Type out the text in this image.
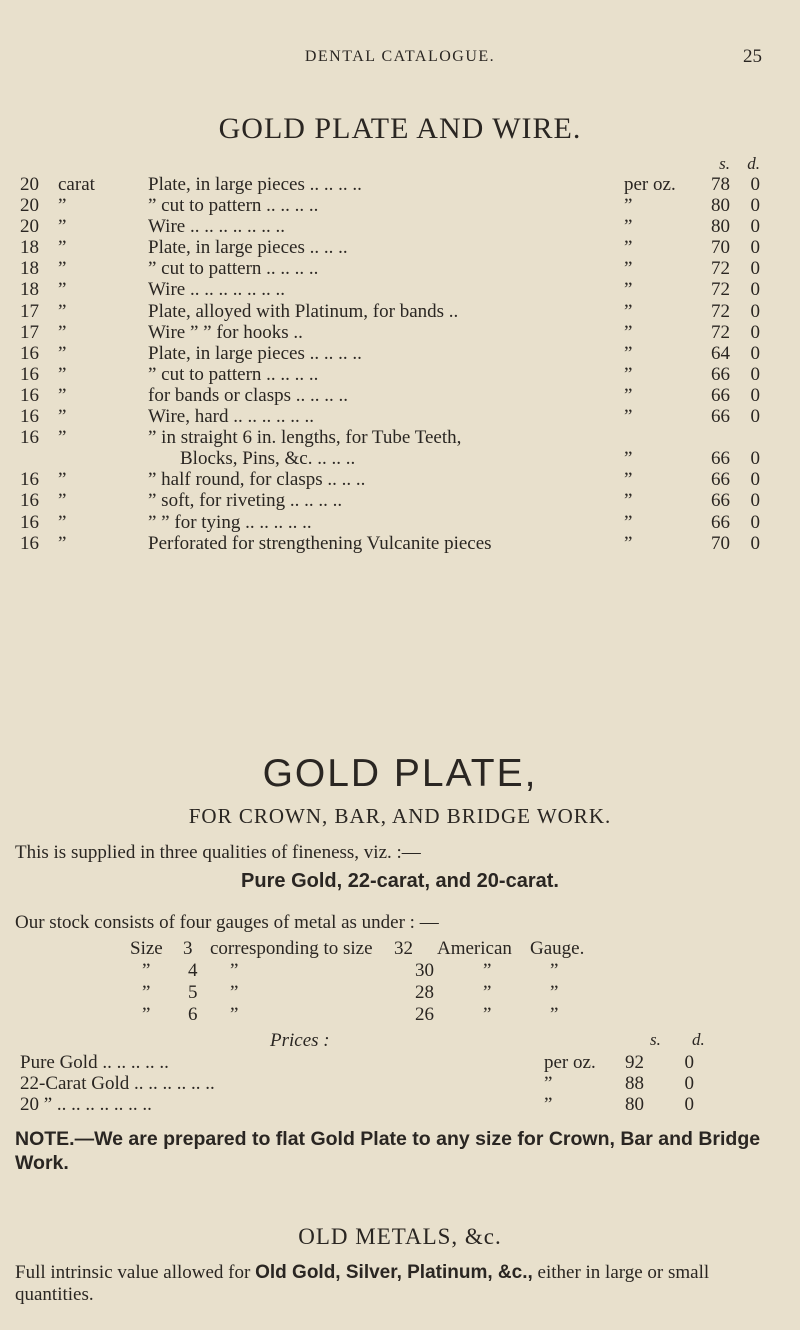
DENTAL CATALOGUE.	25
GOLD PLATE AND WIRE.
s.	d.
20 carat	Plate, in large pieces .. .. .. ..	per oz.	78	0
20 ”	” cut to pattern .. .. .. ..	”	80	0
20 ”	Wire .. .. .. .. .. .. ..	”	80	0
18 ”	Plate, in large pieces .. .. ..	”	70	0
18 ”	” cut to pattern .. .. .. ..	”	72	0
18 ”	Wire .. .. .. .. .. .. ..	”	72	0
17 ”	Plate, alloyed with Platinum, for bands ..	”	72	0
17 ”	Wire ” ” for hooks ..	”	72	0
16 ”	Plate, in large pieces .. .. .. ..	”	64	0
16 ”	” cut to pattern .. .. .. ..	”	66	0
16 ”	for bands or clasps .. .. .. ..	”	66	0
16 ”	Wire, hard .. .. .. .. .. ..	”	66	0
16 ”	” in straight 6 in. lengths, for Tube Teeth,
Blocks, Pins, &c. .. .. ..	”	66	0
16 ”	” half round, for clasps .. .. ..	”	66	0
16 ”	” soft, for riveting .. .. .. ..	”	66	0
16 ”	” ” for tying .. .. .. .. ..	”	66	0
16 ”	Perforated for strengthening Vulcanite pieces	”	70	0
GOLD PLATE,
FOR CROWN, BAR, AND BRIDGE WORK.
This is supplied in three qualities of fineness, viz. :—
Pure Gold, 22-carat, and 20-carat.
Our stock consists of four gauges of metal as under : —
Size 3 corresponding to size 32 American Gauge.
” 4 ”	30	”	”
” 5 ”	28	”	”
” 6 ”	26	”	”
Prices :	s. d.
Pure Gold .. .. .. .. ..	per oz.	92	0
22-Carat Gold .. .. .. .. .. ..	”	88	0
20 ” .. .. .. .. .. .. ..	”	80	0
NOTE.—We are prepared to flat Gold Plate to any size for Crown, Bar and Bridge Work.
OLD METALS, &c.
Full intrinsic value allowed for Old Gold, Silver, Platinum, &c., either in large or small quantities.
